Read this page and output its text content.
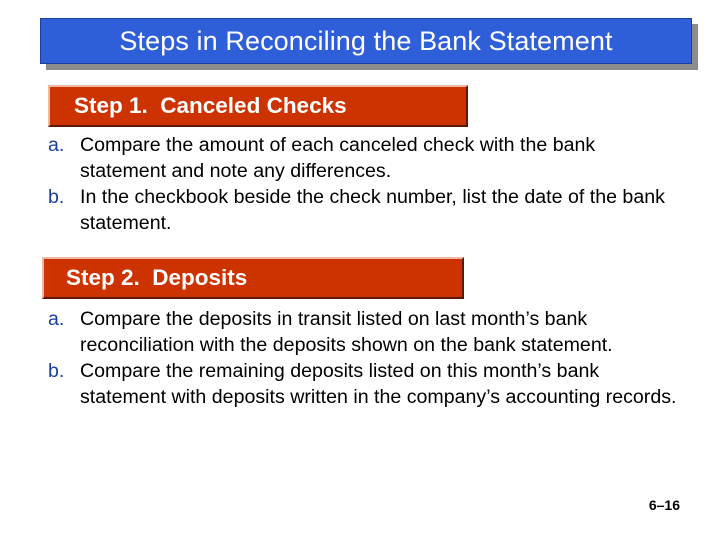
Steps in Reconciling the Bank Statement
Step 1.  Canceled Checks
a. Compare the amount of each canceled check with the bank statement and note any differences.
b. In the checkbook beside the check number, list the date of the bank statement.
Step 2.  Deposits
a. Compare the deposits in transit listed on last month’s bank reconciliation with the deposits shown on the bank statement.
b. Compare the remaining deposits listed on this month’s bank statement with deposits written in the company’s accounting records.
6–16
